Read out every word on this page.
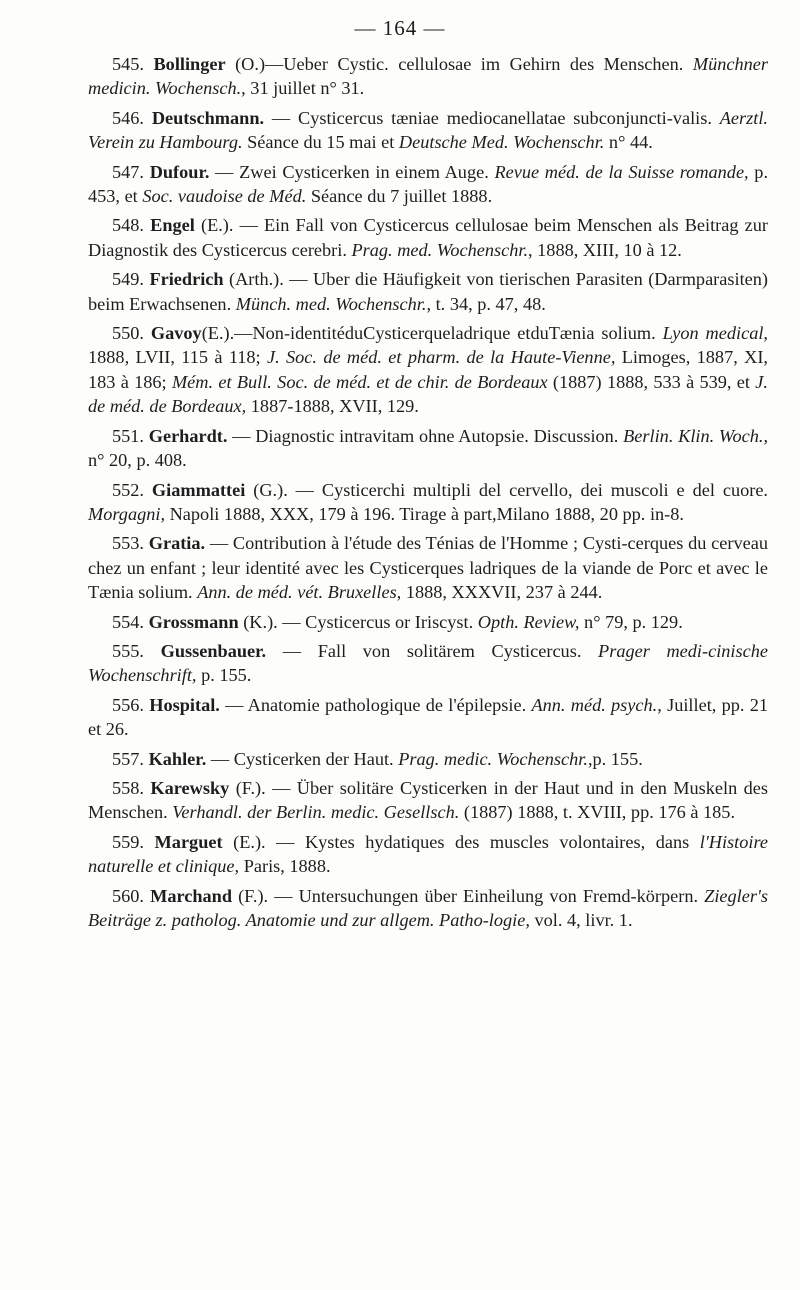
— 164 —

545. Bollinger (O.)—Ueber Cystic. cellulosae im Gehirn des Menschen. Münchner medicin. Wochensch., 31 juillet n° 31.

546. Deutschmann. — Cysticercus tæniae mediocanellatae subconjuncti-valis. Aerztl. Verein zu Hambourg. Séance du 15 mai et Deutsche Med. Wochenschr. n° 44.

547. Dufour. — Zwei Cysticerken in einem Auge. Revue méd. de la Suisse romande, p. 453, et Soc. vaudoise de Méd. Séance du 7 juillet 1888.

548. Engel (E.). — Ein Fall von Cysticercus cellulosae beim Menschen als Beitrag zur Diagnostik des Cysticercus cerebri. Prag. med. Wochenschr., 1888, XIII, 10 à 12.

549. Friedrich (Arth.). — Uber die Häufigkeit von tierischen Parasiten (Darmparasiten) beim Erwachsenen. Münch. med. Wochenschr., t. 34, p. 47, 48.

550. Gavoy(E.).—Non-identitéduCysticerqueladrique etduTænia solium. Lyon medical, 1888, LVII, 115 à 118; J. Soc. de méd. et pharm. de la Haute-Vienne, Limoges, 1887, XI, 183 à 186; Mém. et Bull. Soc. de méd. et de chir. de Bordeaux (1887) 1888, 533 à 539, et J. de méd. de Bordeaux, 1887-1888, XVII, 129.

551. Gerhardt. — Diagnostic intravitam ohne Autopsie. Discussion. Berlin. Klin. Woch., n° 20, p. 408.

552. Giammattei (G.). — Cysticerchi multipli del cervello, dei muscoli e del cuore. Morgagni, Napoli 1888, XXX, 179 à 196. Tirage à part,Milano 1888, 20 pp. in-8.

553. Gratia. — Contribution à l'étude des Ténias de l'Homme ; Cysti-cerques du cerveau chez un enfant ; leur identité avec les Cysticerques ladriques de la viande de Porc et avec le Tænia solium. Ann. de méd. vét. Bruxelles, 1888, XXXVII, 237 à 244.

554. Grossmann (K.). — Cysticercus or Iriscyst. Opth. Review, n° 79, p. 129.

555. Gussenbauer. — Fall von solitärem Cysticercus. Prager medi-cinische Wochenschrift, p. 155.

556. Hospital. — Anatomie pathologique de l'épilepsie. Ann. méd. psych., Juillet, pp. 21 et 26.

557. Kahler. — Cysticerken der Haut. Prag. medic. Wochenschr.,p. 155.

558. Karewsky (F.). — Über solitäre Cysticerken in der Haut und in den Muskeln des Menschen. Verhandl. der Berlin. medic. Gesellsch. (1887) 1888, t. XVIII, pp. 176 à 185.

559. Marguet (E.). — Kystes hydatiques des muscles volontaires, dans l'Histoire naturelle et clinique, Paris, 1888.

560. Marchand (F.). — Untersuchungen über Einheilung von Fremd-körpern. Ziegler's Beiträge z. patholog. Anatomie und zur allgem. Patho-logie, vol. 4, livr. 1.
